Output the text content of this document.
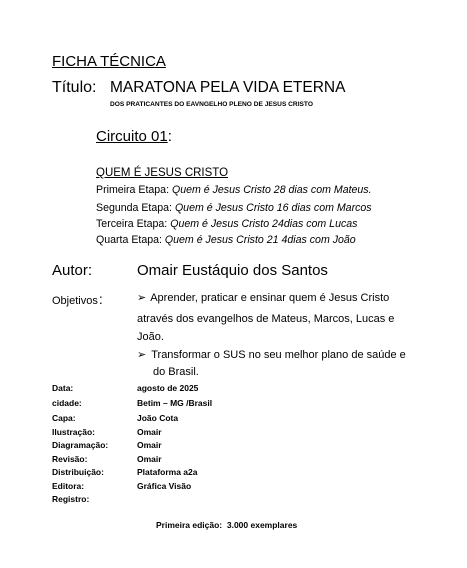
FICHA TÉCNICA
Título: MARATONA PELA VIDA ETERNA
DOS PRATICANTES DO EAVNGELHO PLENO DE JESUS CRISTO
Circuito 01:
QUEM É JESUS CRISTO
Primeira Etapa: Quem é Jesus Cristo 28 dias com Mateus.
Segunda Etapa: Quem é Jesus Cristo 16 dias com Marcos
Terceira Etapa: Quem é Jesus Cristo 24dias com Lucas
Quarta Etapa: Quem é Jesus Cristo 21 4dias com João
Autor:	Omair Eustáquio dos Santos
Objetivos:	➢ Aprender, praticar e ensinar quem é Jesus Cristo
através dos evangelhos de Mateus, Marcos, Lucas e
João.
➢ Transformar o SUS no seu melhor plano de saúde e
do Brasil.
Data:	agosto de 2025
cidade:	Betim – MG /Brasil
Capa:	João Cota
Ilustração:	Omair
Diagramação:	Omair
Revisão:	Omair
Distribuição:	Plataforma a2a
Editora:	Gráfica Visão
Registro:
Primeira edição:  3.000 exemplares
